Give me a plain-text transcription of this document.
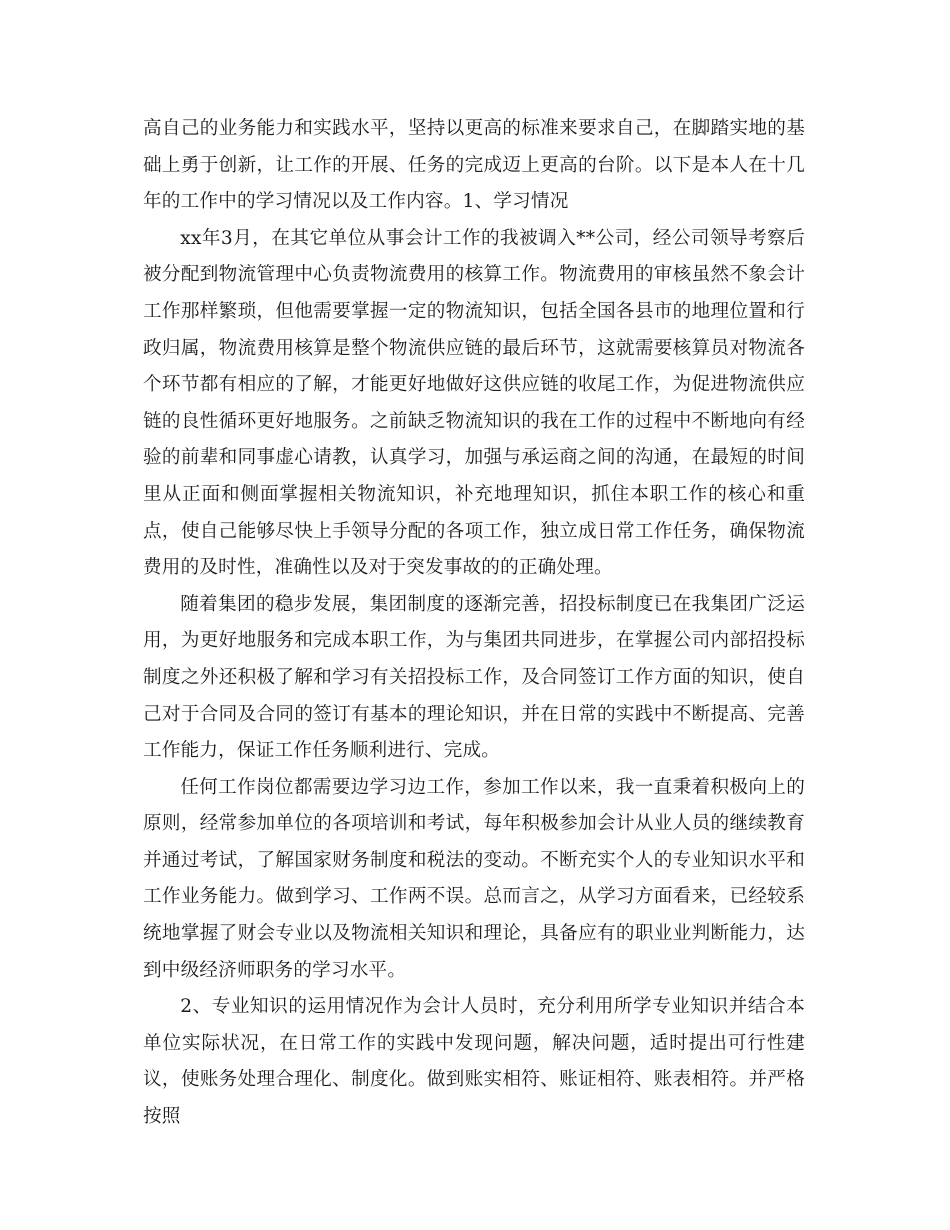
高自己的业务能力和实践水平，坚持以更高的标准来要求自己，在脚踏实地的基础上勇于创新，让工作的开展、任务的完成迈上更高的台阶。以下是本人在十几年的工作中的学习情况以及工作内容。1、学习情况

xx年3月，在其它单位从事会计工作的我被调入**公司，经公司领导考察后被分配到物流管理中心负责物流费用的核算工作。物流费用的审核虽然不象会计工作那样繁琐，但他需要掌握一定的物流知识，包括全国各县市的地理位置和行政归属，物流费用核算是整个物流供应链的最后环节，这就需要核算员对物流各个环节都有相应的了解，才能更好地做好这供应链的收尾工作，为促进物流供应链的良性循环更好地服务。之前缺乏物流知识的我在工作的过程中不断地向有经验的前辈和同事虚心请教，认真学习，加强与承运商之间的沟通，在最短的时间里从正面和侧面掌握相关物流知识，补充地理知识，抓住本职工作的核心和重点，使自己能够尽快上手领导分配的各项工作，独立成日常工作任务，确保物流费用的及时性，准确性以及对于突发事故的的正确处理。

随着集团的稳步发展，集团制度的逐渐完善，招投标制度已在我集团广泛运用，为更好地服务和完成本职工作，为与集团共同进步，在掌握公司内部招投标制度之外还积极了解和学习有关招投标工作，及合同签订工作方面的知识，使自己对于合同及合同的签订有基本的理论知识，并在日常的实践中不断提高、完善工作能力，保证工作任务顺利进行、完成。

任何工作岗位都需要边学习边工作，参加工作以来，我一直秉着积极向上的原则，经常参加单位的各项培训和考试，每年积极参加会计从业人员的继续教育并通过考试，了解国家财务制度和税法的变动。不断充实个人的专业知识水平和工作业务能力。做到学习、工作两不误。总而言之，从学习方面看来，已经较系统地掌握了财会专业以及物流相关知识和理论，具备应有的职业业判断能力，达到中级经济师职务的学习水平。

2、专业知识的运用情况作为会计人员时，充分利用所学专业知识并结合本单位实际状况，在日常工作的实践中发现问题，解决问题，适时提出可行性建议，使账务处理合理化、制度化。做到账实相符、账证相符、账表相符。并严格按照
